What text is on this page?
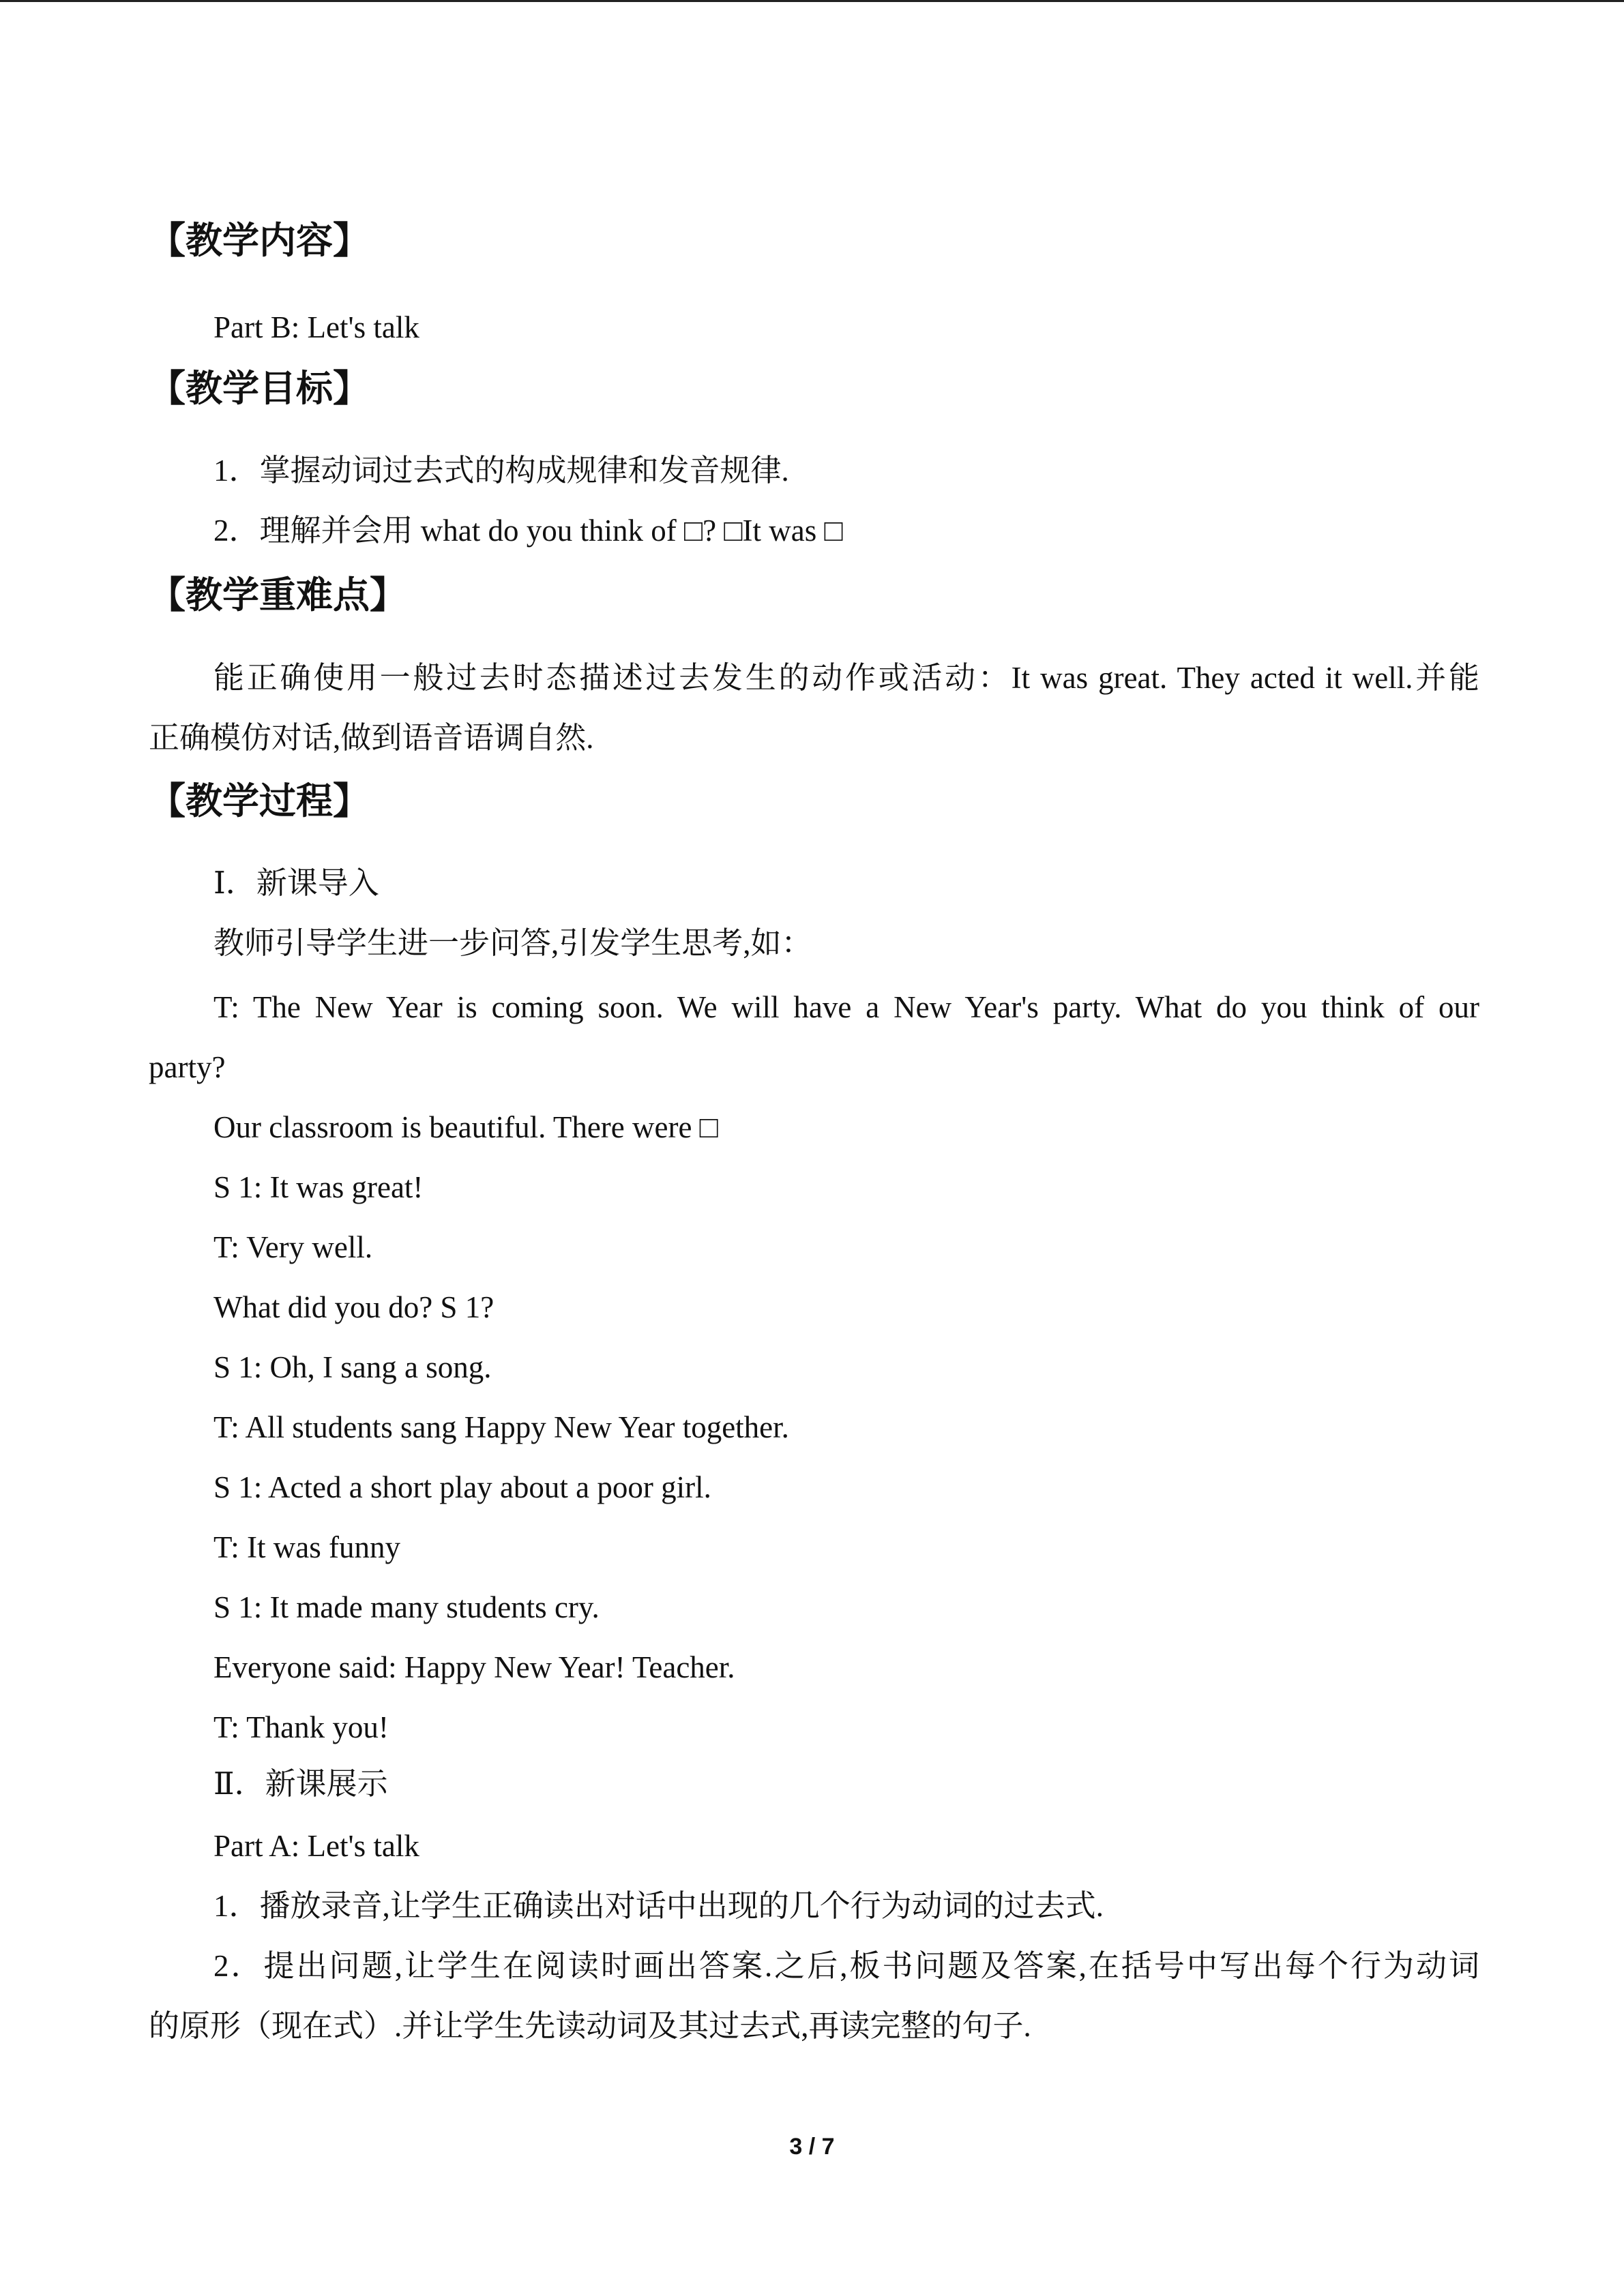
【教学内容】
Part B: Let's talk
【教学目标】
1．掌握动词过去式的构成规律和发音规律.
2．理解并会用 what do you think of □? □It was □
【教学重难点】
能正确使用一般过去时态描述过去发生的动作或活动：It was great. They acted it well.并能
正确模仿对话,做到语音语调自然.
【教学过程】
Ⅰ．新课导入
教师引导学生进一步问答,引发学生思考,如：
T: The New Year is coming soon. We will have a New Year's party. What do you think of our
party?
Our classroom is beautiful. There were □
S 1: It was great!
T: Very well.
What did you do? S 1?
S 1: Oh, I sang a song.
T: All students sang Happy New Year together.
S 1: Acted a short play about a poor girl.
T: It was funny
S 1: It made many students cry.
Everyone said: Happy New Year! Teacher.
T: Thank you!
Ⅱ．新课展示
Part A: Let's talk
1．播放录音,让学生正确读出对话中出现的几个行为动词的过去式.
2．提出问题,让学生在阅读时画出答案.之后,板书问题及答案,在括号中写出每个行为动词
的原形（现在式）.并让学生先读动词及其过去式,再读完整的句子.
3 / 7
